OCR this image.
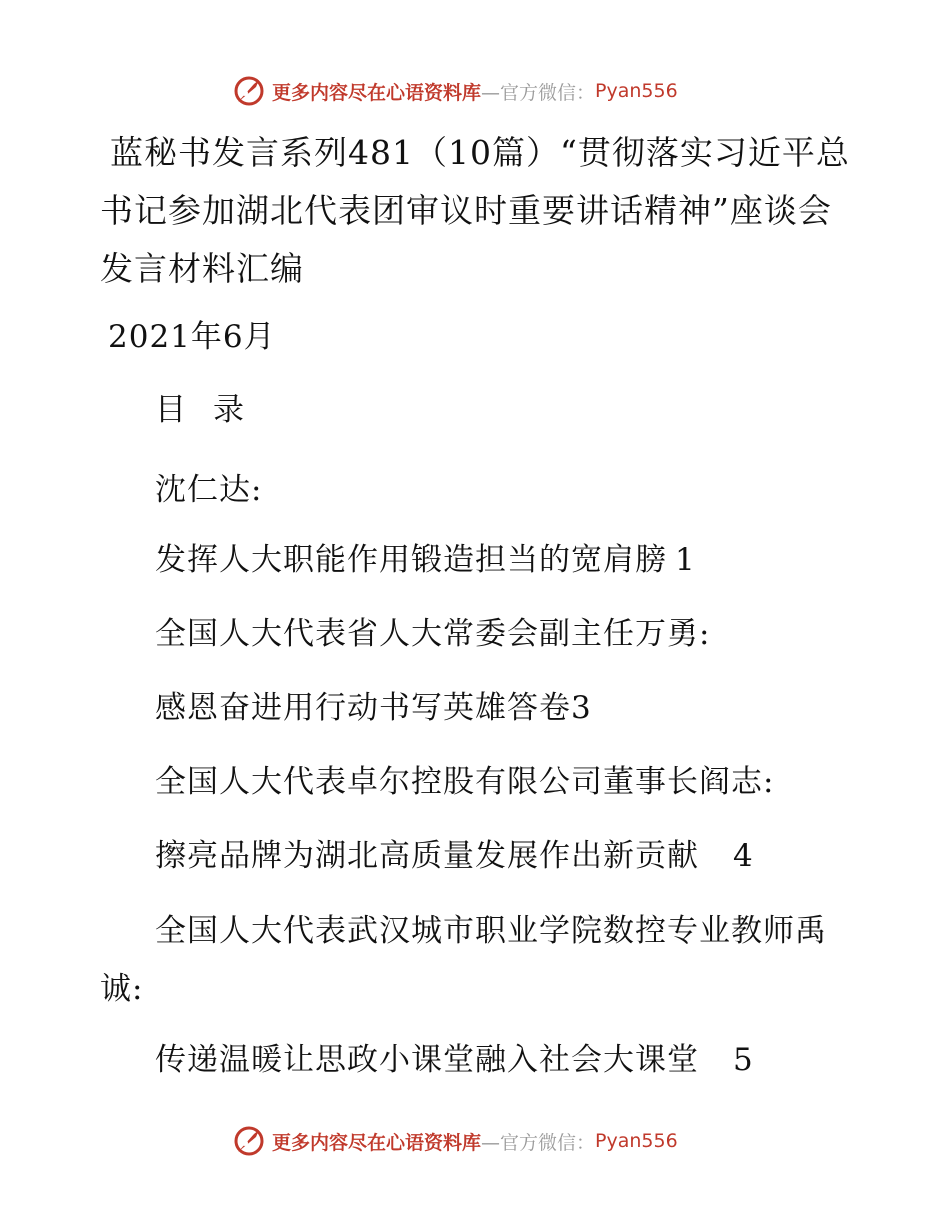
更多内容尽在心语资料库 —官方微信： Pyan556
蓝秘书发言系列481（10篇）“贯彻落实习近平总书记参加湖北代表团审议时重要讲话精神”座谈会发言材料汇编
2021年6月
目 录
沈仁达:
发挥人大职能作用锻造担当的宽肩膀 1
全国人大代表省人大常委会副主任万勇:
感恩奋进用行动书写英雄答卷3
全国人大代表卓尔控股有限公司董事长阎志:
擦亮品牌为湖北高质量发展作出新贡献 4
全国人大代表武汉城市职业学院数控专业教师禹诚:
传递温暖让思政小课堂融入社会大课堂 5
更多内容尽在心语资料库 —官方微信： Pyan556
